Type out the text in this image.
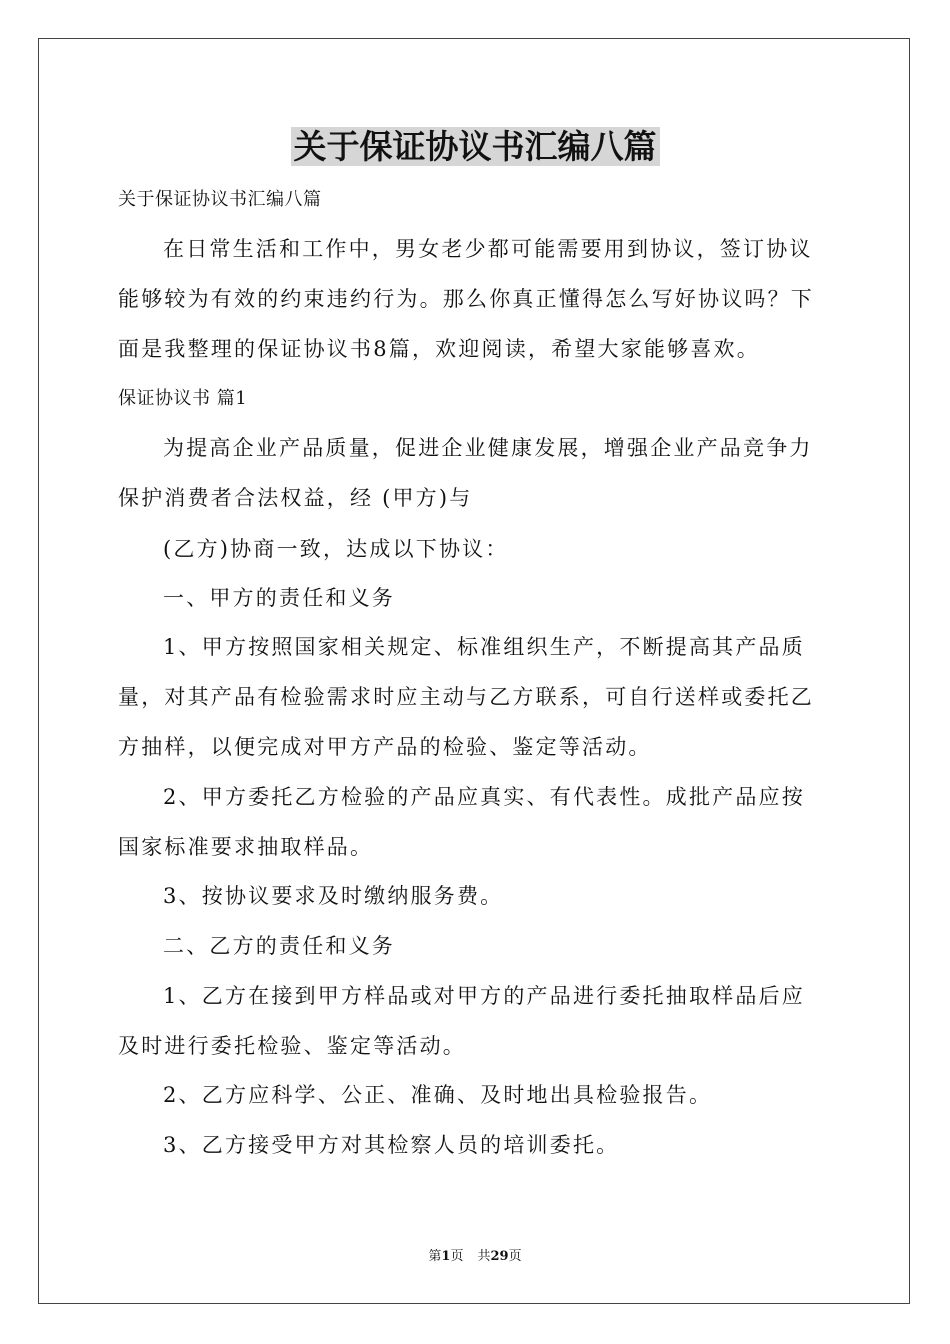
关于保证协议书汇编八篇
关于保证协议书汇编八篇
在日常生活和工作中，男女老少都可能需要用到协议，签订协议
能够较为有效的约束违约行为。那么你真正懂得怎么写好协议吗？下
面是我整理的保证协议书8篇，欢迎阅读，希望大家能够喜欢。
保证协议书 篇1
为提高企业产品质量，促进企业健康发展，增强企业产品竞争力
保护消费者合法权益，经 (甲方)与
(乙方)协商一致，达成以下协议：
一、甲方的责任和义务
1、甲方按照国家相关规定、标准组织生产，不断提高其产品质
量，对其产品有检验需求时应主动与乙方联系，可自行送样或委托乙
方抽样，以便完成对甲方产品的检验、鉴定等活动。
2、甲方委托乙方检验的产品应真实、有代表性。成批产品应按
国家标准要求抽取样品。
3、按协议要求及时缴纳服务费。
二、乙方的责任和义务
1、乙方在接到甲方样品或对甲方的产品进行委托抽取样品后应
及时进行委托检验、鉴定等活动。
2、乙方应科学、公正、准确、及时地出具检验报告。
3、乙方接受甲方对其检察人员的培训委托。
第1页 共29页
